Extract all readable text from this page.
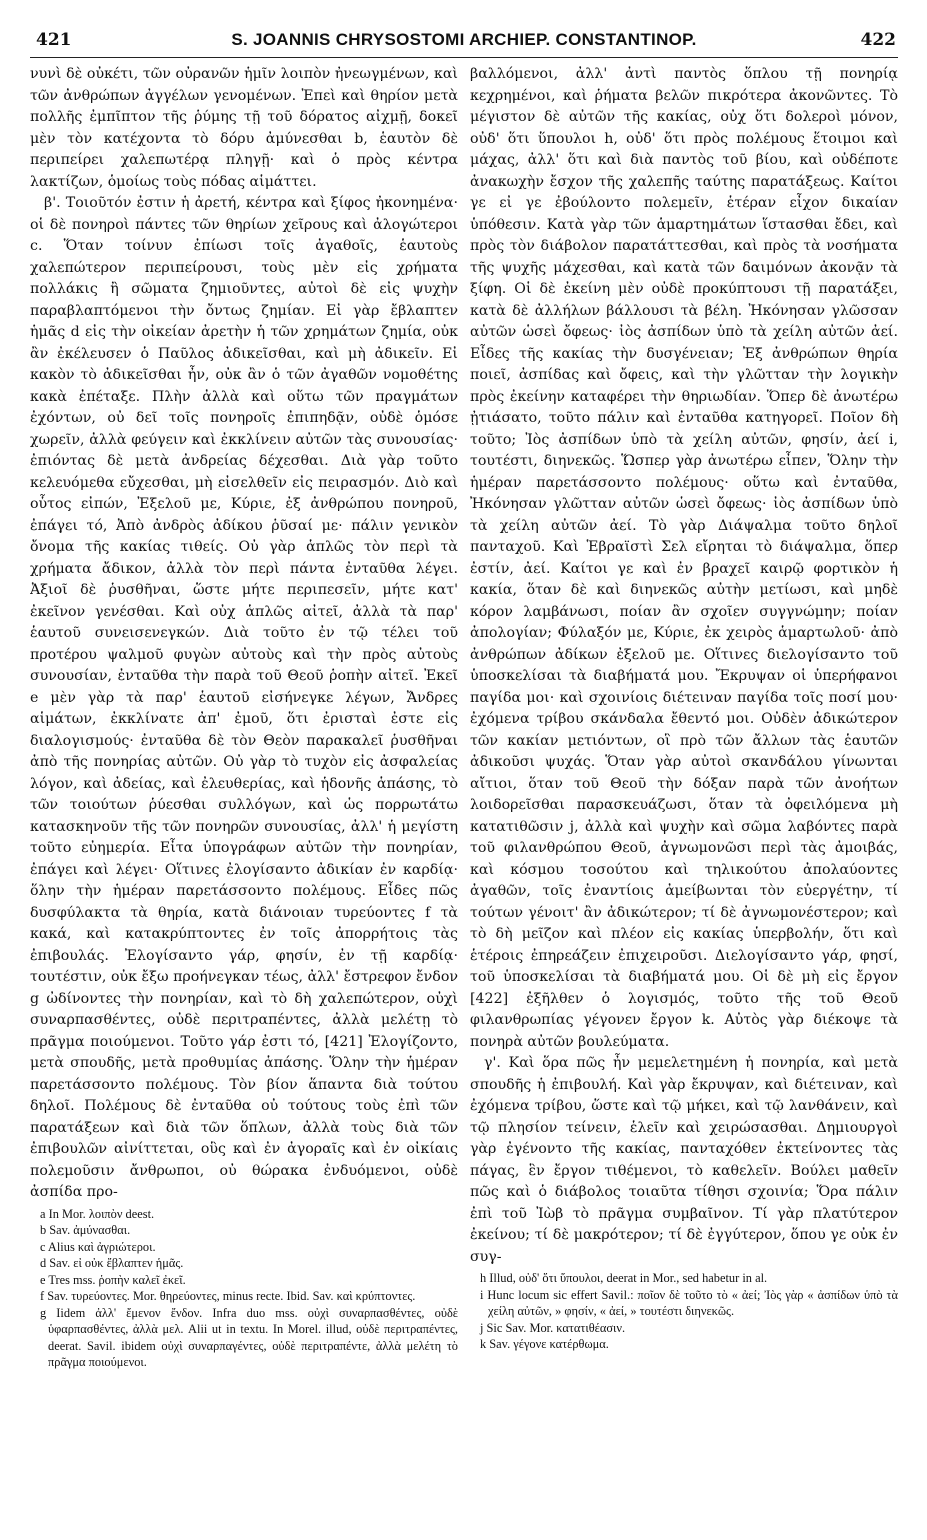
421	S. JOANNIS CHRYSOSTOMI ARCHIEP. CONSTANTINOP.	422

νυνὶ δὲ οὐκέτι, τῶν οὐρανῶν ἡμῖν λοιπὸν ἠνεωγμένων, καὶ τῶν ἀνθρώπων ἀγγέλων γενομένων. Ἐπεὶ καὶ θηρίον μετὰ πολλῆς ἐμπῖπτον τῆς ῥύμης τῇ τοῦ δόρατος αἰχμῇ, δοκεῖ μὲν τὸν κατέχοντα τὸ δόρυ ἀμύνεσθαι b, ἑαυτὸν δὲ περιπείρει χαλεπωτέρᾳ πληγῇ· καὶ ὁ πρὸς κέντρα λακτίζων, ὁμοίως τοὺς πόδας αἱμάττει.

β'. Τοιοῦτόν ἐστιν ἡ ἀρετή, κέντρα καὶ ξίφος ἠκονημένα· οἱ δὲ πονηροὶ πάντες τῶν θηρίων χεῖρους καὶ ἀλογώτεροι c. Ὅταν τοίνυν ἐπίωσι τοῖς ἀγαθοῖς, ἑαυτοὺς χαλεπώτερον περιπείρουσι, τοὺς μὲν εἰς χρήματα πολλάκις ἢ σῶματα ζημιοῦντες, αὐτοὶ δὲ εἰς ψυχὴν παραβλαπτόμενοι τὴν ὄντως ζημίαν. Εἰ γὰρ ἔβλαπτεν ἡμᾶς d εἰς τὴν οἰκείαν ἀρετὴν ἡ τῶν χρημάτων ζημία, οὐκ ἂν ἐκέλευσεν ὁ Παῦλος ἀδικεῖσθαι, καὶ μὴ ἀδικεῖν. Εἰ κακὸν τὸ ἀδικεῖσθαι ἦν, οὐκ ἂν ὁ τῶν ἀγαθῶν νομοθέτης κακὰ ἐπέταξε. Πλὴν ἀλλὰ καὶ οὕτω τῶν πραγμάτων ἐχόντων, οὐ δεῖ τοῖς πονηροῖς ἐπιπηδᾷν, οὐδὲ ὁμόσε χωρεῖν, ἀλλὰ φεύγειν καὶ ἐκκλίνειν αὐτῶν τὰς συνουσίας· ἐπιόντας δὲ μετὰ ἀνδρείας δέχεσθαι. Διὰ γὰρ τοῦτο κελευόμεθα εὔχεσθαι, μὴ εἰσελθεῖν εἰς πειρασμόν. Διὸ καὶ οὗτος εἰπών, Ἐξελοῦ με, Κύριε, ἐξ ἀνθρώπου πονηροῦ, ἐπάγει τό, Ἀπὸ ἀνδρὸς ἀδίκου ῥῦσαί με· πάλιν γενικὸν ὄνομα τῆς κακίας τιθείς. Οὐ γὰρ ἁπλῶς τὸν περὶ τὰ χρήματα ἄδικον, ἀλλὰ τὸν περὶ πάντα ἐνταῦθα λέγει. Ἀξιοῖ δὲ ῥυσθῆναι, ὥστε μήτε περιπεσεῖν, μήτε κατ' ἐκεῖνον γενέσθαι. Καὶ οὐχ ἁπλῶς αἰτεῖ, ἀλλὰ τὰ παρ' ἑαυτοῦ συνεισενεγκών. Διὰ τοῦτο ἐν τῷ τέλει τοῦ προτέρου ψαλμοῦ φυγὼν αὐτοὺς καὶ τὴν πρὸς αὐτοὺς συνουσίαν, ἐνταῦθα τὴν παρὰ τοῦ Θεοῦ ῥοπὴν αἰτεῖ. Ἐκεῖ e μὲν γὰρ τὰ παρ' ἑαυτοῦ εἰσήνεγκε λέγων, Ἄνδρες αἱμάτων, ἐκκλίνατε ἀπ' ἐμοῦ, ὅτι ἐρισταὶ ἐστε εἰς διαλογισμούς· ἐνταῦθα δὲ τὸν Θεὸν παρακαλεῖ ῥυσθῆναι ἀπὸ τῆς πονηρίας αὐτῶν. Οὐ γὰρ τὸ τυχὸν εἰς ἀσφαλείας λόγον, καὶ ἀδείας, καὶ ἐλευθερίας, καὶ ἡδονῆς ἁπάσης, τὸ τῶν τοιούτων ῥύεσθαι συλλόγων, καὶ ὡς πορρωτάτω κατασκηνοῦν τῆς τῶν πονηρῶν συνουσίας, ἀλλ' ἡ μεγίστη τοῦτο εὐημερία. Εἶτα ὑπογράφων αὐτῶν τὴν πονηρίαν, ἐπάγει καὶ λέγει· Οἵτινες ἐλογίσαντο ἀδικίαν ἐν καρδίᾳ· ὅλην τὴν ἡμέραν παρετάσσοντο πολέμους. Εἶδες πῶς δυσφύλακτα τὰ θηρία, κατὰ διάνοιαν τυρεύοντες f τὰ κακά, καὶ κατακρύπτοντες ἐν τοῖς ἀπορρήτοις τὰς ἐπιβουλάς. Ἐλογίσαντο γάρ, φησίν, ἐν τῇ καρδίᾳ· τουτέστιν, οὐκ ἔξω προήνεγκαν τέως, ἀλλ' ἔστρεφον ἔνδον g ὠδίνοντες τὴν πονηρίαν, καὶ τὸ δὴ χαλεπώτερον, οὐχὶ συναρπασθέντες, οὐδὲ περιτραπέντες, ἀλλὰ μελέτῃ τὸ πρᾶγμα ποιούμενοι. Τοῦτο γάρ ἐστι τό, [421] Ἐλογίζοντο, μετὰ σπουδῆς, μετὰ προθυμίας ἁπάσης. Ὅλην τὴν ἡμέραν παρετάσσοντο πολέμους. Τὸν βίον ἅπαντα διὰ τούτου δηλοῖ. Πολέμους δὲ ἐνταῦθα οὐ τούτους τοὺς ἐπὶ τῶν παρατάξεων καὶ διὰ τῶν ὅπλων, ἀλλὰ τοὺς διὰ τῶν ἐπιβουλῶν αἰνίττεται, οὓς καὶ ἐν ἀγοραῖς καὶ ἐν οἰκίαις πολεμοῦσιν ἄνθρωποι, οὐ θώρακα ἐνδυόμενοι, οὐδὲ ἀσπίδα προ-

a In Mor. λοιπὸν deest.
b Sav. ἀμύνασθαι.
c Alius καὶ ἀγριώτεροι.
d Sav. εἰ οὐκ ἔβλαπτεν ἡμᾶς.
e Tres mss. ῥοπὴν καλεῖ ἐκεῖ.
f Sav. τυρεύοντες. Mor. θηρεύοντες, minus recte. Ibid. Sav. καὶ κρύπτοντες.
g Iidem ἀλλ' ἔμενον ἔνδον. Infra duo mss. οὐχὶ συναρπασθέντες, οὐδὲ ὑφαρπασθέντες, ἀλλὰ μελ. Alii ut in textu. In Morel. illud, οὐδὲ περιτραπέντες, deerat. Savil. ibidem οὐχὶ συναρπαγέντες, οὐδὲ περιτραπέντε, ἀλλὰ μελέτη τὸ πρᾶγμα ποιούμενοι.

βαλλόμενοι, ἀλλ' ἀντὶ παντὸς ὅπλου τῇ πονηρίᾳ κεχρημένοι, καὶ ῥήματα βελῶν πικρότερα ἀκονῶντες. Τὸ μέγιστον δὲ αὐτῶν τῆς κακίας, οὐχ ὅτι δολεροὶ μόνον, οὐδ' ὅτι ὕπουλοι h, οὐδ' ὅτι πρὸς πολέμους ἕτοιμοι καὶ μάχας, ἀλλ' ὅτι καὶ διὰ παντὸς τοῦ βίου, καὶ οὐδέποτε ἀνακωχὴν ἔσχον τῆς χαλεπῆς ταύτης παρατάξεως. Καίτοι γε εἰ γε ἐβούλοντο πολεμεῖν, ἑτέραν εἶχον δικαίαν ὑπόθεσιν. Κατὰ γὰρ τῶν ἁμαρτημάτων ἵστασθαι ἔδει, καὶ πρὸς τὸν διάβολον παρατάττεσθαι, καὶ πρὸς τὰ νοσήματα τῆς ψυχῆς μάχεσθαι, καὶ κατὰ τῶν δαιμόνων ἀκονᾷν τὰ ξίφη. Οἱ δὲ ἐκείνη μὲν οὐδὲ προκύπτουσι τῇ παρατάξει, κατὰ δὲ ἀλλήλων βάλλουσι τὰ βέλη. Ἠκόνησαν γλῶσσαν αὐτῶν ὡσεὶ ὄφεως· ἰὸς ἀσπίδων ὑπὸ τὰ χείλη αὐτῶν ἀεί. Εἶδες τῆς κακίας τὴν δυσγένειαν; Ἐξ ἀνθρώπων θηρία ποιεῖ, ἀσπίδας καὶ ὄφεις, καὶ τὴν γλῶτταν τὴν λογικὴν πρὸς ἐκείνην καταφέρει τὴν θηριωδίαν. Ὅπερ δὲ ἀνωτέρω ᾐτιάσατο, τοῦτο πάλιν καὶ ἐνταῦθα κατηγορεῖ. Ποῖον δὴ τοῦτο; Ἰὸς ἀσπίδων ὑπὸ τὰ χείλη αὐτῶν, φησίν, ἀεί i, τουτέστι, διηνεκῶς. Ὥσπερ γὰρ ἀνωτέρω εἶπεν, Ὅλην τὴν ἡμέραν παρετάσσοντο πολέμους· οὕτω καὶ ἐνταῦθα, Ἠκόνησαν γλῶτταν αὐτῶν ὡσεὶ ὄφεως· ἰὸς ἀσπίδων ὑπὸ τὰ χείλη αὐτῶν ἀεί. Τὸ γὰρ Διάψαλμα τοῦτο δηλοῖ πανταχοῦ. Καὶ Ἑβραϊστὶ Σελ εἴρηται τὸ διάψαλμα, ὅπερ ἐστίν, ἀεί. Καίτοι γε καὶ ἐν βραχεῖ καιρῷ φορτικὸν ἡ κακία, ὅταν δὲ καὶ διηνεκῶς αὐτὴν μετίωσι, καὶ μηδὲ κόρον λαμβάνωσι, ποίαν ἂν σχοῖεν συγγνώμην; ποίαν ἀπολογίαν; Φύλαξόν με, Κύριε, ἐκ χειρὸς ἁμαρτωλοῦ· ἀπὸ ἀνθρώπων ἀδίκων ἐξελοῦ με. Οἵτινες διελογίσαντο τοῦ ὑποσκελίσαι τὰ διαβήματά μου. Ἔκρυψαν οἱ ὑπερήφανοι παγίδα μοι· καὶ σχοινίοις διέτειναν παγίδα τοῖς ποσί μου· ἐχόμενα τρίβου σκάνδαλα ἔθεντό μοι. Οὐδὲν ἀδικώτερον τῶν κακίαν μετιόντων, οἳ πρὸ τῶν ἄλλων τὰς ἑαυτῶν ἀδικοῦσι ψυχάς. Ὅταν γὰρ αὐτοὶ σκανδάλου γίνωνται αἴτιοι, ὅταν τοῦ Θεοῦ τὴν δόξαν παρὰ τῶν ἀνοήτων λοιδορεῖσθαι παρασκευάζωσι, ὅταν τὰ ὀφειλόμενα μὴ κατατιθῶσιν j, ἀλλὰ καὶ ψυχὴν καὶ σῶμα λαβόντες παρὰ τοῦ φιλανθρώπου Θεοῦ, ἀγνωμονῶσι περὶ τὰς ἀμοιβάς, καὶ κόσμου τοσούτου καὶ τηλικούτου ἀπολαύοντες ἀγαθῶν, τοῖς ἐναντίοις ἀμείβωνται τὸν εὐεργέτην, τί τούτων γένοιτ' ἂν ἀδικώτερον; τί δὲ ἀγνωμονέστερον; καὶ τὸ δὴ μεῖζον καὶ πλέον εἰς κακίας ὑπερβολήν, ὅτι καὶ ἑτέροις ἐπηρεάζειν ἐπιχειροῦσι. Διελογίσαντο γάρ, φησί, τοῦ ὑποσκελίσαι τὰ διαβήματά μου. Οἱ δὲ μὴ εἰς ἔργον [422] ἐξῆλθεν ὁ λογισμός, τοῦτο τῆς τοῦ Θεοῦ φιλανθρωπίας γέγονεν ἔργον k. Αὐτὸς γὰρ διέκοψε τὰ πονηρὰ αὐτῶν βουλεύματα.

γ'. Καὶ ὅρα πῶς ἦν μεμελετημένη ἡ πονηρία, καὶ μετὰ σπουδῆς ἡ ἐπιβουλή. Καὶ γὰρ ἔκρυψαν, καὶ διέτειναν, καὶ ἐχόμενα τρίβου, ὥστε καὶ τῷ μήκει, καὶ τῷ λανθάνειν, καὶ τῷ πλησίον τείνειν, ἑλεῖν καὶ χειρώσασθαι. Δημιουργοὶ γὰρ ἐγένοντο τῆς κακίας, πανταχόθεν ἐκτείνοντες τὰς πάγας, ἓν ἔργον τιθέμενοι, τὸ καθελεῖν. Βούλει μαθεῖν πῶς καὶ ὁ διάβολος τοιαῦτα τίθησι σχοινία; Ὅρα πάλιν ἐπὶ τοῦ Ἰὼβ τὸ πρᾶγμα συμβαῖνον. Τί γὰρ πλατύτερον ἐκείνου; τί δὲ μακρότερον; τί δὲ ἐγγύτερον, ὅπου γε οὐκ ἐν συγ-

h Illud, οὐδ' ὅτι ὕπουλοι, deerat in Mor., sed habetur in al.
i Hunc locum sic effert Savil.: ποῖον δὲ τοῦτο τὸ « ἀεί; Ἰὸς γὰρ « ἀσπίδων ὑπὸ τὰ χείλη αὐτῶν, » φησίν, « ἀεί, » τουτέστι διηνεκῶς.
j Sic Sav. Mor. κατατιθέασιν.
k Sav. γέγονε κατέρθωμα.
